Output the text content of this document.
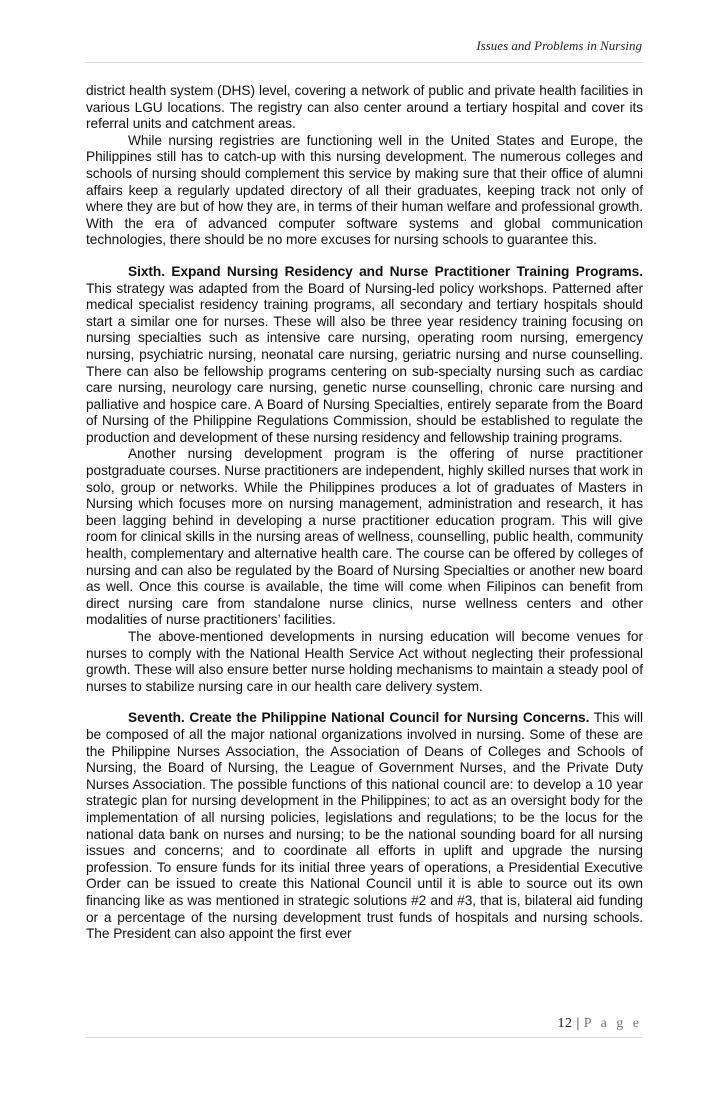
Issues and Problems in Nursing

district health system (DHS) level, covering a network of public and private health facilities in various LGU locations. The registry can also center around a tertiary hospital and cover its referral units and catchment areas.

While nursing registries are functioning well in the United States and Europe, the Philippines still has to catch-up with this nursing development. The numerous colleges and schools of nursing should complement this service by making sure that their office of alumni affairs keep a regularly updated directory of all their graduates, keeping track not only of where they are but of how they are, in terms of their human welfare and professional growth. With the era of advanced computer software systems and global communication technologies, there should be no more excuses for nursing schools to guarantee this.

Sixth. Expand Nursing Residency and Nurse Practitioner Training Programs. This strategy was adapted from the Board of Nursing-led policy workshops. Patterned after medical specialist residency training programs, all secondary and tertiary hospitals should start a similar one for nurses. These will also be three year residency training focusing on nursing specialties such as intensive care nursing, operating room nursing, emergency nursing, psychiatric nursing, neonatal care nursing, geriatric nursing and nurse counselling. There can also be fellowship programs centering on sub-specialty nursing such as cardiac care nursing, neurology care nursing, genetic nurse counselling, chronic care nursing and palliative and hospice care. A Board of Nursing Specialties, entirely separate from the Board of Nursing of the Philippine Regulations Commission, should be established to regulate the production and development of these nursing residency and fellowship training programs.

Another nursing development program is the offering of nurse practitioner postgraduate courses. Nurse practitioners are independent, highly skilled nurses that work in solo, group or networks. While the Philippines produces a lot of graduates of Masters in Nursing which focuses more on nursing management, administration and research, it has been lagging behind in developing a nurse practitioner education program. This will give room for clinical skills in the nursing areas of wellness, counselling, public health, community health, complementary and alternative health care. The course can be offered by colleges of nursing and can also be regulated by the Board of Nursing Specialties or another new board as well. Once this course is available, the time will come when Filipinos can benefit from direct nursing care from standalone nurse clinics, nurse wellness centers and other modalities of nurse practitioners’ facilities.

The above-mentioned developments in nursing education will become venues for nurses to comply with the National Health Service Act without neglecting their professional growth. These will also ensure better nurse holding mechanisms to maintain a steady pool of nurses to stabilize nursing care in our health care delivery system.

Seventh. Create the Philippine National Council for Nursing Concerns. This will be composed of all the major national organizations involved in nursing. Some of these are the Philippine Nurses Association, the Association of Deans of Colleges and Schools of Nursing, the Board of Nursing, the League of Government Nurses, and the Private Duty Nurses Association. The possible functions of this national council are: to develop a 10 year strategic plan for nursing development in the Philippines; to act as an oversight body for the implementation of all nursing policies, legislations and regulations; to be the locus for the national data bank on nurses and nursing; to be the national sounding board for all nursing issues and concerns; and to coordinate all efforts in uplift and upgrade the nursing profession. To ensure funds for its initial three years of operations, a Presidential Executive Order can be issued to create this National Council until it is able to source out its own financing like as was mentioned in strategic solutions #2 and #3, that is, bilateral aid funding or a percentage of the nursing development trust funds of hospitals and nursing schools. The President can also appoint the first ever

12 | P a g e
